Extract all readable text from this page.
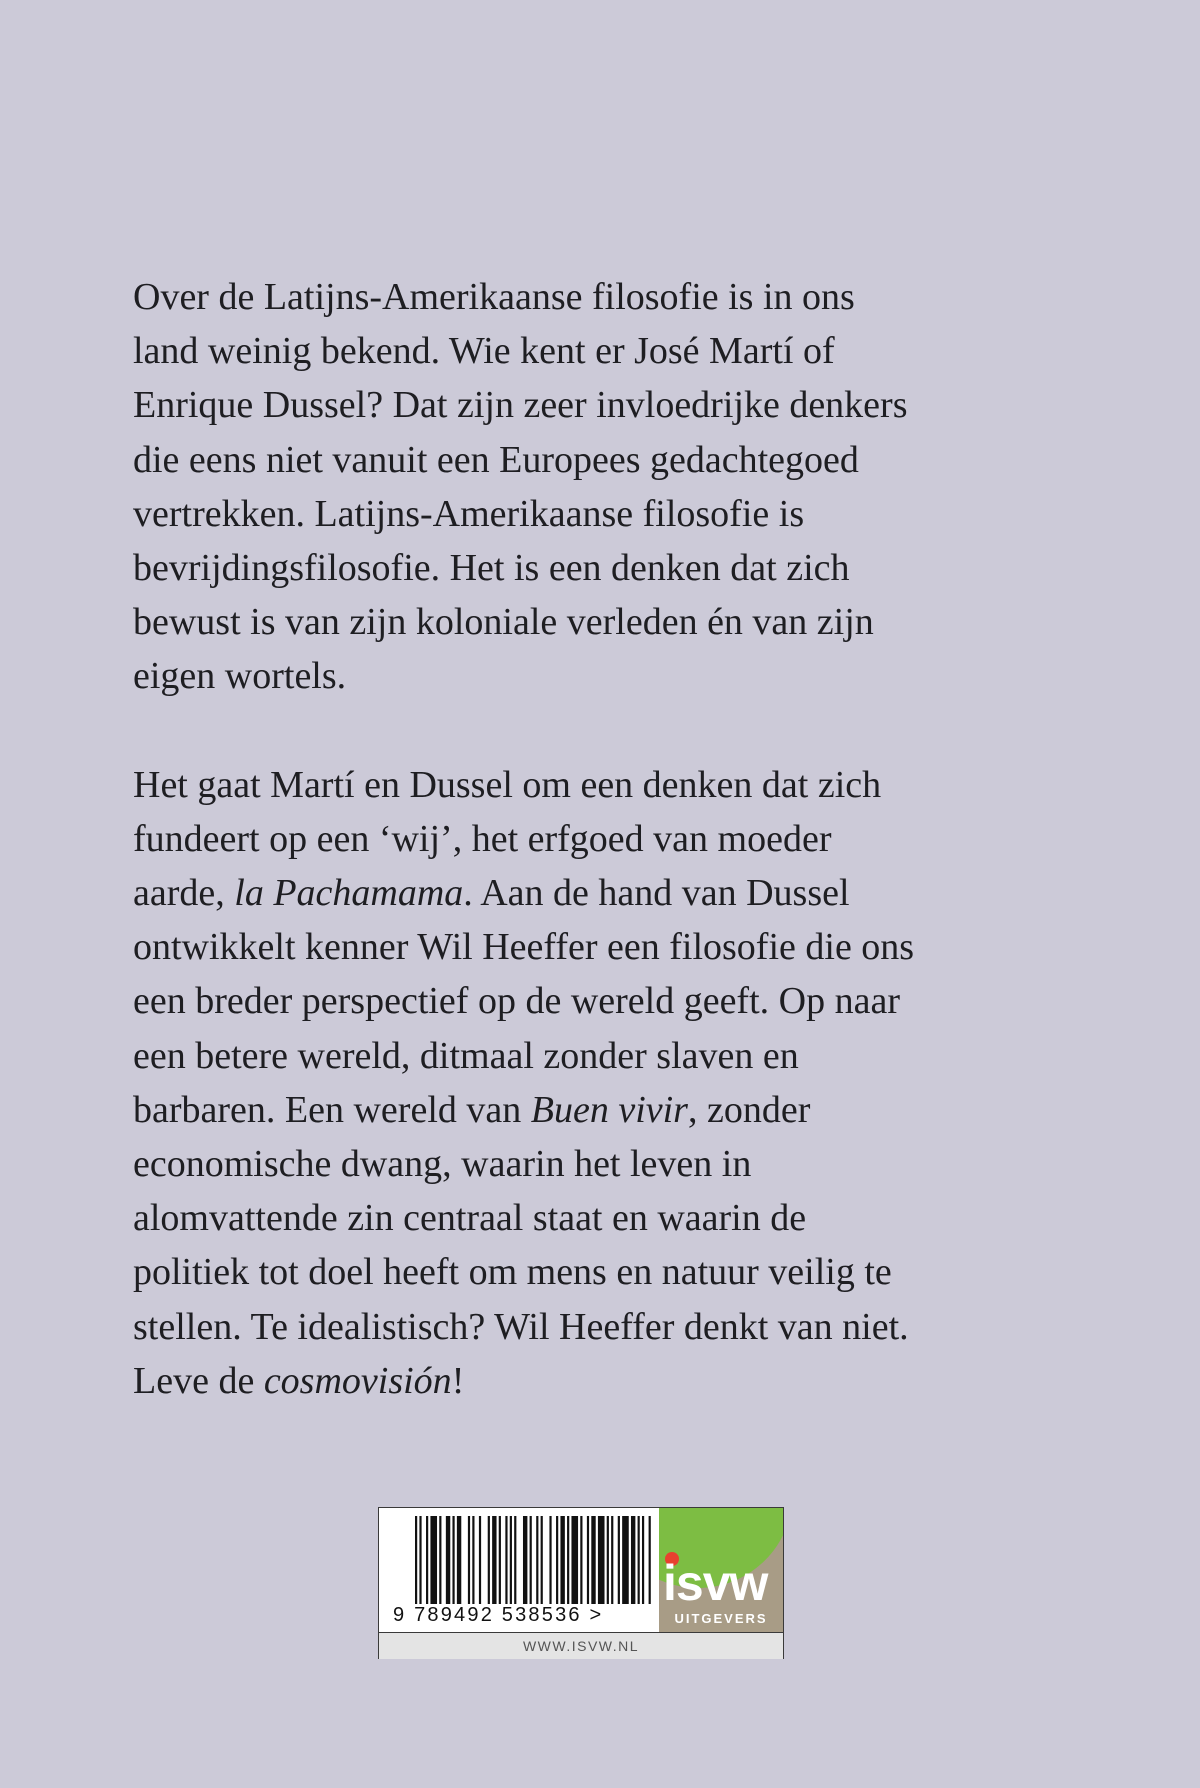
Over de Latijns-Amerikaanse filosofie is in ons
land weinig bekend. Wie kent er José Martí of
Enrique Dussel? Dat zijn zeer invloedrijke denkers
die eens niet vanuit een Europees gedachtegoed
vertrekken. Latijns-Amerikaanse filosofie is
bevrijdingsfilosofie. Het is een denken dat zich
bewust is van zijn koloniale verleden én van zijn
eigen wortels.
Het gaat Martí en Dussel om een denken dat zich
fundeert op een ‘wij’, het erfgoed van moeder
aarde, la Pachamama. Aan de hand van Dussel
ontwikkelt kenner Wil Heeffer een filosofie die ons
een breder perspectief op de wereld geeft. Op naar
een betere wereld, ditmaal zonder slaven en
barbaren. Een wereld van Buen vivir, zonder
economische dwang, waarin het leven in
alomvattende zin centraal staat en waarin de
politiek tot doel heeft om mens en natuur veilig te
stellen. Te idealistisch? Wil Heeffer denkt van niet.
Leve de cosmovisión!
9 789492 538536 >
isvw
UITGEVERS
WWW.ISVW.NL
